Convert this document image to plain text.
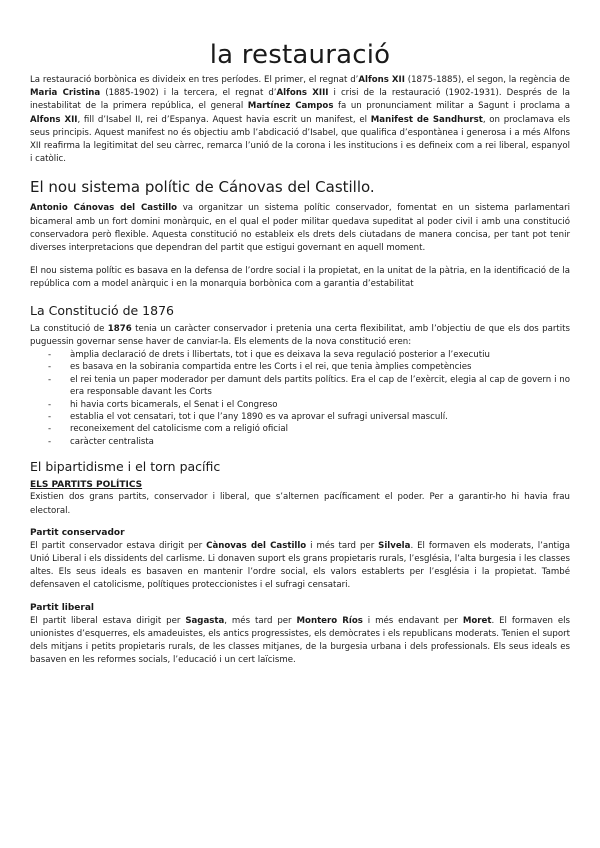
la restauració

La restauració borbònica es divideix en tres períodes. El primer, el regnat d’Alfons XII (1875-1885), el segon, la regència de Maria Cristina (1885-1902) i la tercera, el regnat d’Alfons XIII i crisi de la restauració (1902-1931). Després de la inestabilitat de la primera república, el general Martínez Campos fa un pronunciament militar a Sagunt i proclama a Alfons XII, fill d’Isabel II, rei d’Espanya. Aquest havia escrit un manifest, el Manifest de Sandhurst, on proclamava els seus principis. Aquest manifest no és objectiu amb l’abdicació d’Isabel, que qualifica d’espontànea i generosa i a més Alfons XII reafirma la legitimitat del seu càrrec, remarca l’unió de la corona i les institucions i es defineix com a rei liberal, espanyol i catòlic.

El nou sistema polític de Cánovas del Castillo.

Antonio Cánovas del Castillo va organitzar un sistema polític conservador, fomentat en un sistema parlamentari bicameral amb un fort domini monàrquic, en el qual el poder militar quedava supeditat al poder civil i amb una constitució conservadora però flexible. Aquesta constitució no estableix els drets dels ciutadans de manera concisa, per tant pot tenir diverses interpretacions que dependran del partit que estigui governant en aquell moment.

El nou sistema polític es basava en la defensa de l’ordre social i la propietat, en la unitat de la pàtria, en la identificació de la república com a model anàrquic i en la monarquia borbònica com a garantia d’estabilitat

La Constitució de 1876

La constitució de 1876 tenia un caràcter conservador i pretenia una certa flexibilitat, amb l’objectiu de que els dos partits puguessin governar sense haver de canviar-la. Els elements de la nova constitució eren:

- àmplia declaració de drets i llibertats, tot i que es deixava la seva regulació posterior a l’executiu
- es basava en la sobirania compartida entre les Corts i el rei, que tenia àmplies competències
- el rei tenia un paper moderador per damunt dels partits polítics. Era el cap de l’exèrcit, elegia al cap de govern i no era responsable davant les Corts
- hi havia corts bicamerals, el Senat i el Congreso
- establia el vot censatari, tot i que l’any 1890 es va aprovar el sufragi universal masculí.
- reconeixement del catolicisme com a religió oficial
- caràcter centralista
El bipartidisme i el torn pacífic
ELS PARTITS POLÍTICS

Existien dos grans partits, conservador i liberal, que s’alternen pacíficament el poder. Per a garantir-ho hi havia frau electoral.

Partit conservador

El partit conservador estava dirigit per Cànovas del Castillo i més tard per Silvela. El formaven els moderats, l’antiga Unió Liberal i els dissidents del carlisme. Li donaven suport els grans propietaris rurals, l’església, l’alta burgesia i les classes altes. Els seus ideals es basaven en mantenir l’ordre social, els valors establerts per l’església i la propietat. També defensaven el catolicisme, polítiques proteccionistes i el sufragi censatari.

Partit liberal

El partit liberal estava dirigit per Sagasta, més tard per Montero Ríos i més endavant per Moret. El formaven els unionistes d’esquerres, els amadeuistes, els antics progressistes, els demòcrates i els republicans moderats. Tenien el suport dels mitjans i petits propietaris rurals, de les classes mitjanes, de la burgesia urbana i dels professionals. Els seus ideals es basaven en les reformes socials, l’educació i un cert laïcisme.
